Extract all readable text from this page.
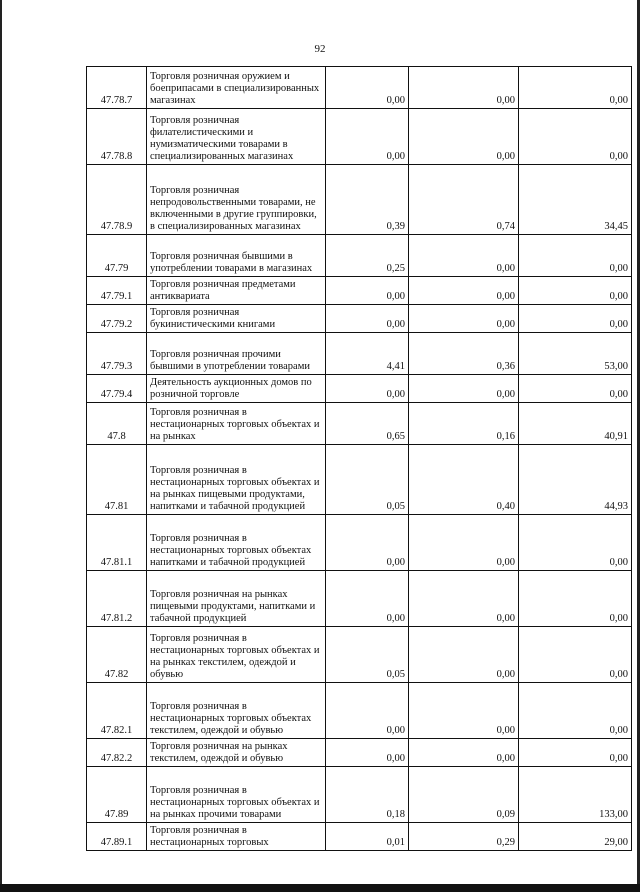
92
47.78.7	Торговля розничная оружием и боеприпасами в специализированных магазинах	0,00	0,00	0,00
47.78.8	Торговля розничная филателистическими и нумизматическими товарами в специализированных магазинах	0,00	0,00	0,00
47.78.9	Торговля розничная непродовольственными товарами, не включенными в другие группировки, в специализированных магазинах	0,39	0,74	34,45
47.79	Торговля розничная бывшими в употреблении товарами в магазинах	0,25	0,00	0,00
47.79.1	Торговля розничная предметами антиквариата	0,00	0,00	0,00
47.79.2	Торговля розничная букинистическими книгами	0,00	0,00	0,00
47.79.3	Торговля розничная прочими бывшими в употреблении товарами	4,41	0,36	53,00
47.79.4	Деятельность аукционных домов по розничной торговле	0,00	0,00	0,00
47.8	Торговля розничная в нестационарных торговых объектах и на рынках	0,65	0,16	40,91
47.81	Торговля розничная в нестационарных торговых объектах и на рынках пищевыми продуктами, напитками и табачной продукцией	0,05	0,40	44,93
47.81.1	Торговля розничная в нестационарных торговых объектах напитками и табачной продукцией	0,00	0,00	0,00
47.81.2	Торговля розничная на рынках пищевыми продуктами, напитками и табачной продукцией	0,00	0,00	0,00
47.82	Торговля розничная в нестационарных торговых объектах и на рынках текстилем, одеждой и обувью	0,05	0,00	0,00
47.82.1	Торговля розничная в нестационарных торговых объектах текстилем, одеждой и обувью	0,00	0,00	0,00
47.82.2	Торговля розничная на рынках текстилем, одеждой и обувью	0,00	0,00	0,00
47.89	Торговля розничная в нестационарных торговых объектах и на рынках прочими товарами	0,18	0,09	133,00
47.89.1	Торговля розничная в нестационарных торговых	0,01	0,29	29,00
